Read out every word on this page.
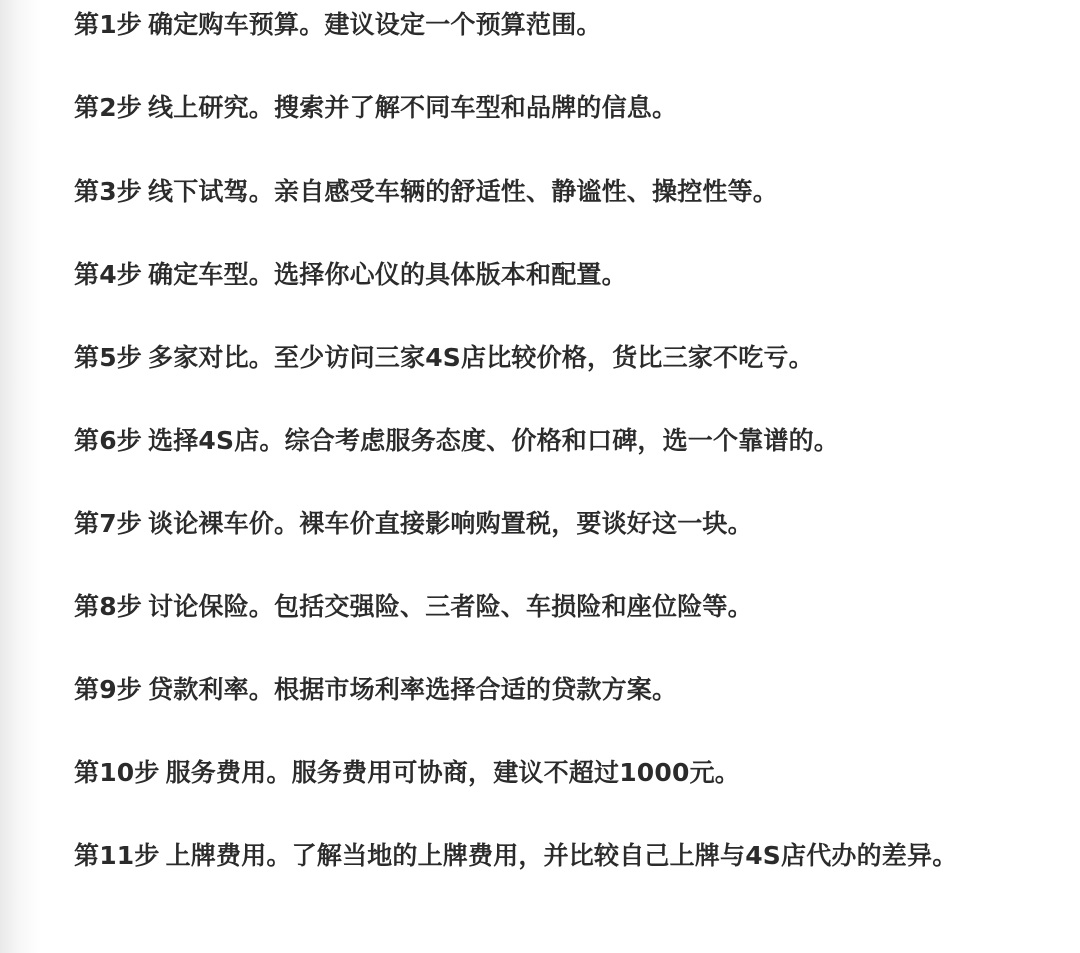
第1步 确定购车预算。建议设定一个预算范围。
第2步 线上研究。搜索并了解不同车型和品牌的信息。
第3步 线下试驾。亲自感受车辆的舒适性、静谧性、操控性等。
第4步 确定车型。选择你心仪的具体版本和配置。
第5步 多家对比。至少访问三家4S店比较价格，货比三家不吃亏。
第6步 选择4S店。综合考虑服务态度、价格和口碑，选一个靠谱的。
第7步 谈论裸车价。裸车价直接影响购置税，要谈好这一块。
第8步 讨论保险。包括交强险、三者险、车损险和座位险等。
第9步 贷款利率。根据市场利率选择合适的贷款方案。
第10步 服务费用。服务费用可协商，建议不超过1000元。
第11步 上牌费用。了解当地的上牌费用，并比较自己上牌与4S店代办的差异。
